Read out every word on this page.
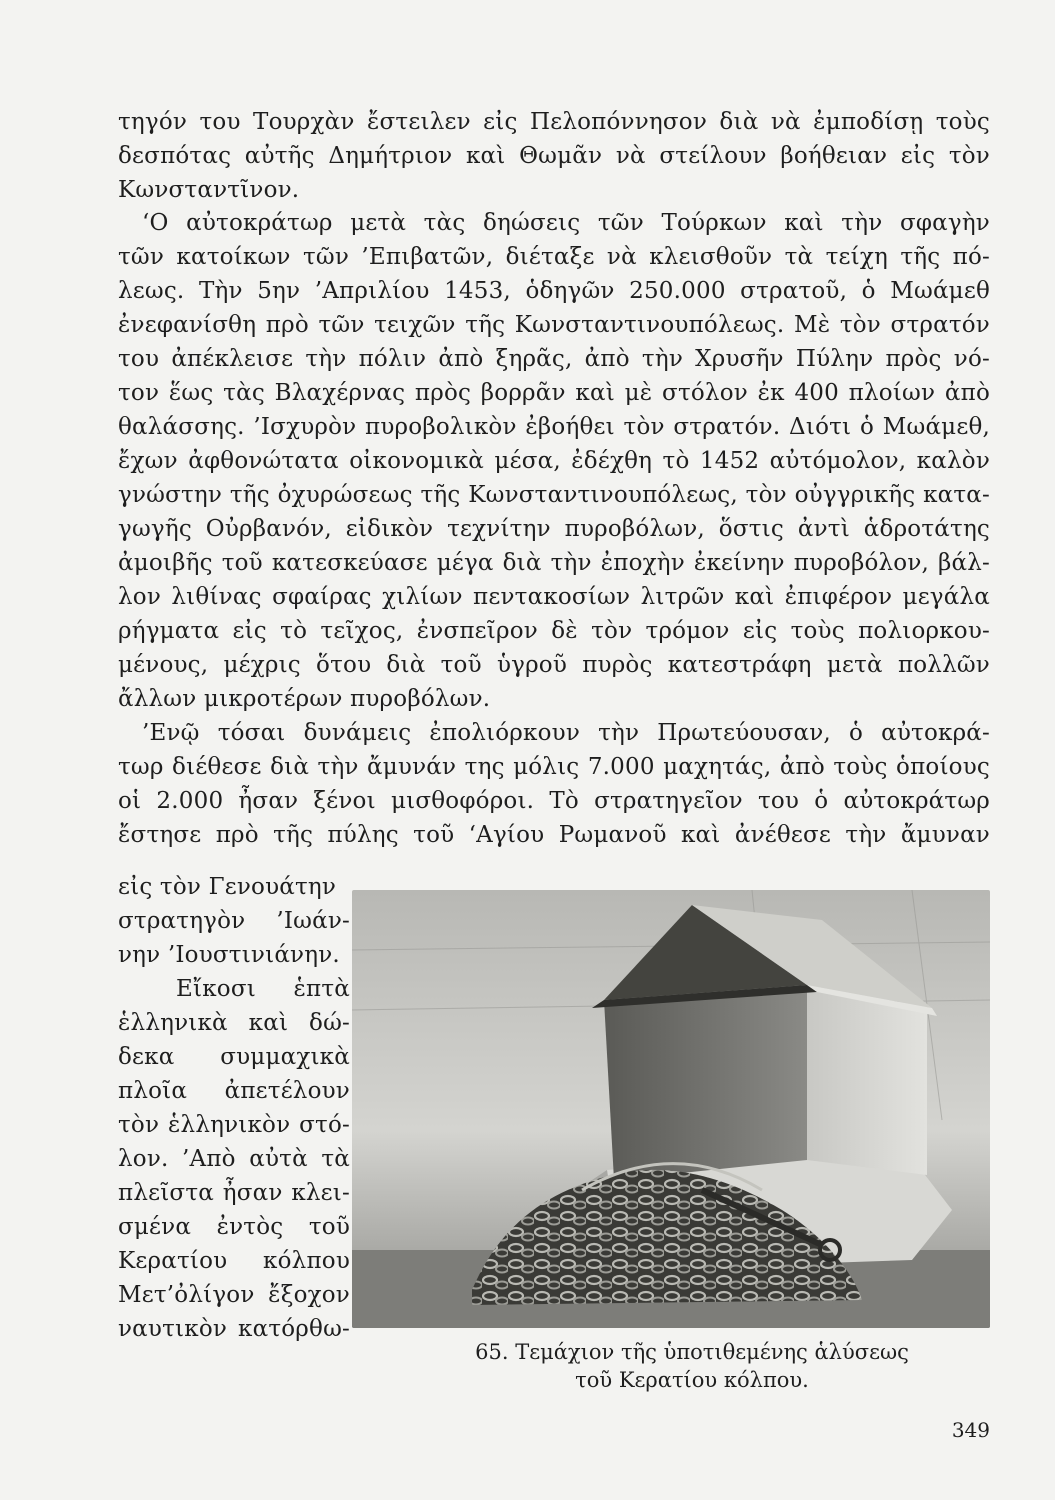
τηγόν του Τουρχὰν ἔστειλεν εἰς Πελοπόννησον διὰ νὰ ἐμποδίσῃ τοὺς
δεσπότας αὐτῆς Δημήτριον καὶ Θωμᾶν νὰ στείλουν βοήθειαν εἰς τὸν
Κωνσταντῖνον.
‘Ο αὐτοκράτωρ μετὰ τὰς δηώσεις τῶν Τούρκων καὶ τὴν σφαγὴν
τῶν κατοίκων τῶν ’Επιβατῶν, διέταξε νὰ κλεισθοῦν τὰ τείχη τῆς πό-
λεως. Τὴν 5ην ’Απριλίου 1453, ὁδηγῶν 250.000 στρατοῦ, ὁ Μωάμεθ
ἐνεφανίσθη πρὸ τῶν τειχῶν τῆς Κωνσταντινουπόλεως. Μὲ τὸν στρατόν
του ἀπέκλεισε τὴν πόλιν ἀπὸ ξηρᾶς, ἀπὸ τὴν Χρυσῆν Πύλην πρὸς νό-
τον ἕως τὰς Βλαχέρνας πρὸς βορρᾶν καὶ μὲ στόλον ἐκ 400 πλοίων ἀπὸ
θαλάσσης. ’Ισχυρὸν πυροβολικὸν ἐβοήθει τὸν στρατόν. Διότι ὁ Μωάμεθ,
ἔχων ἀφθονώτατα οἰκονομικὰ μέσα, ἐδέχθη τὸ 1452 αὐτόμολον, καλὸν
γνώστην τῆς ὀχυρώσεως τῆς Κωνσταντινουπόλεως, τὸν οὐγγρικῆς κατα-
γωγῆς Οὐρβανόν, εἰδικὸν τεχνίτην πυροβόλων, ὅστις ἀντὶ ἁδροτάτης
ἀμοιβῆς τοῦ κατεσκεύασε μέγα διὰ τὴν ἐποχὴν ἐκείνην πυροβόλον, βάλ-
λον λιθίνας σφαίρας χιλίων πεντακοσίων λιτρῶν καὶ ἐπιφέρον μεγάλα
ρήγματα εἰς τὸ τεῖχος, ἐνσπεῖρον δὲ τὸν τρόμον εἰς τοὺς πολιορκου-
μένους, μέχρις ὅτου διὰ τοῦ ὑγροῦ πυρὸς κατεστράφη μετὰ πολλῶν
ἄλλων μικροτέρων πυροβόλων.
’Ενῷ τόσαι δυνάμεις ἐπολιόρκουν τὴν Πρωτεύουσαν, ὁ αὐτοκρά-
τωρ διέθεσε διὰ τὴν ἄμυνάν της μόλις 7.000 μαχητάς, ἀπὸ τοὺς ὁποίους
οἱ 2.000 ἦσαν ξένοι μισθοφόροι. Τὸ στρατηγεῖον του ὁ αὐτοκράτωρ
ἔστησε πρὸ τῆς πύλης τοῦ ‘Αγίου Ρωμανοῦ καὶ ἀνέθεσε τὴν ἄμυναν
εἰς τὸν Γενουάτην
στρατηγὸν ’Ιωάν-
νην ’Ιουστινιάνην.
Εἴκοσι ἑπτὰ
ἑλληνικὰ καὶ δώ-
δεκα συμμαχικὰ
πλοῖα ἀπετέλουν
τὸν ἑλληνικὸν στό-
λον. ’Απὸ αὐτὰ τὰ
πλεῖστα ἦσαν κλει-
σμένα ἐντὸς τοῦ
Κερατίου κόλπου
Μετ’ὀλίγον ἔξοχον
ναυτικὸν κατόρθω-
65. Τεμάχιον τῆς ὑποτιθεμένης ἁλύσεως
τοῦ Κερατίου κόλπου.
349
